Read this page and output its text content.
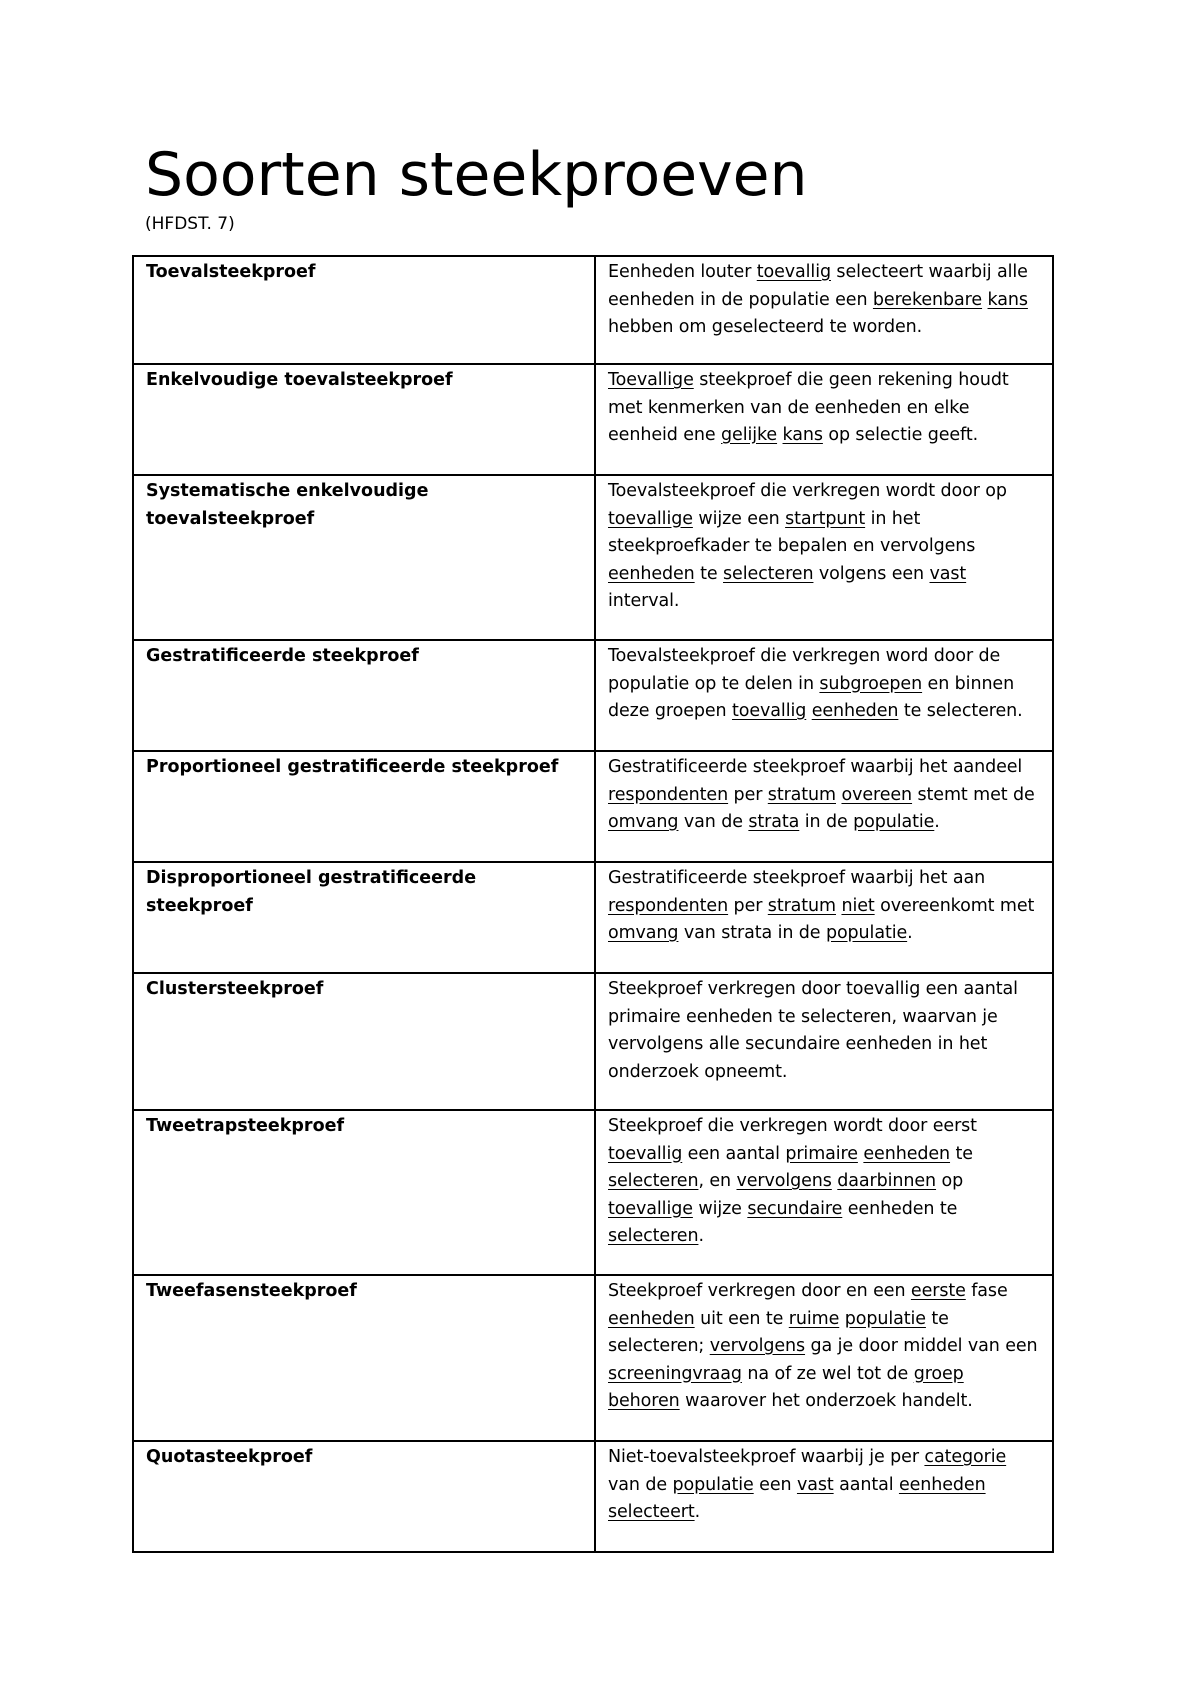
Soorten steekproeven
(HFDST. 7)
Toevalsteekproef	Eenheden louter toevallig selecteert waarbij alle eenheden in de populatie een berekenbare kans hebben om geselecteerd te worden.
Enkelvoudige toevalsteekproef	Toevallige steekproef die geen rekening houdt met kenmerken van de eenheden en elke eenheid ene gelijke kans op selectie geeft.
Systematische enkelvoudige toevalsteekproef	Toevalsteekproef die verkregen wordt door op toevallige wijze een startpunt in het steekproefkader te bepalen en vervolgens eenheden te selecteren volgens een vast interval.
Gestratificeerde steekproef	Toevalsteekproef die verkregen word door de populatie op te delen in subgroepen en binnen deze groepen toevallig eenheden te selecteren.
Proportioneel gestratificeerde steekproef	Gestratificeerde steekproef waarbij het aandeel respondenten per stratum overeen stemt met de omvang van de strata in de populatie.
Disproportioneel gestratificeerde steekproef	Gestratificeerde steekproef waarbij het aan respondenten per stratum niet overeenkomt met omvang van strata in de populatie.
Clustersteekproef	Steekproef verkregen door toevallig een aantal primaire eenheden te selecteren, waarvan je vervolgens alle secundaire eenheden in het onderzoek opneemt.
Tweetrapsteekproef	Steekproef die verkregen wordt door eerst toevallig een aantal primaire eenheden te selecteren, en vervolgens daarbinnen op toevallige wijze secundaire eenheden te selecteren.
Tweefasensteekproef	Steekproef verkregen door en een eerste fase eenheden uit een te ruime populatie te selecteren; vervolgens ga je door middel van een screeningvraag na of ze wel tot de groep behoren waarover het onderzoek handelt.
Quotasteekproef	Niet-toevalsteekproef waarbij je per categorie van de populatie een vast aantal eenheden selecteert.
